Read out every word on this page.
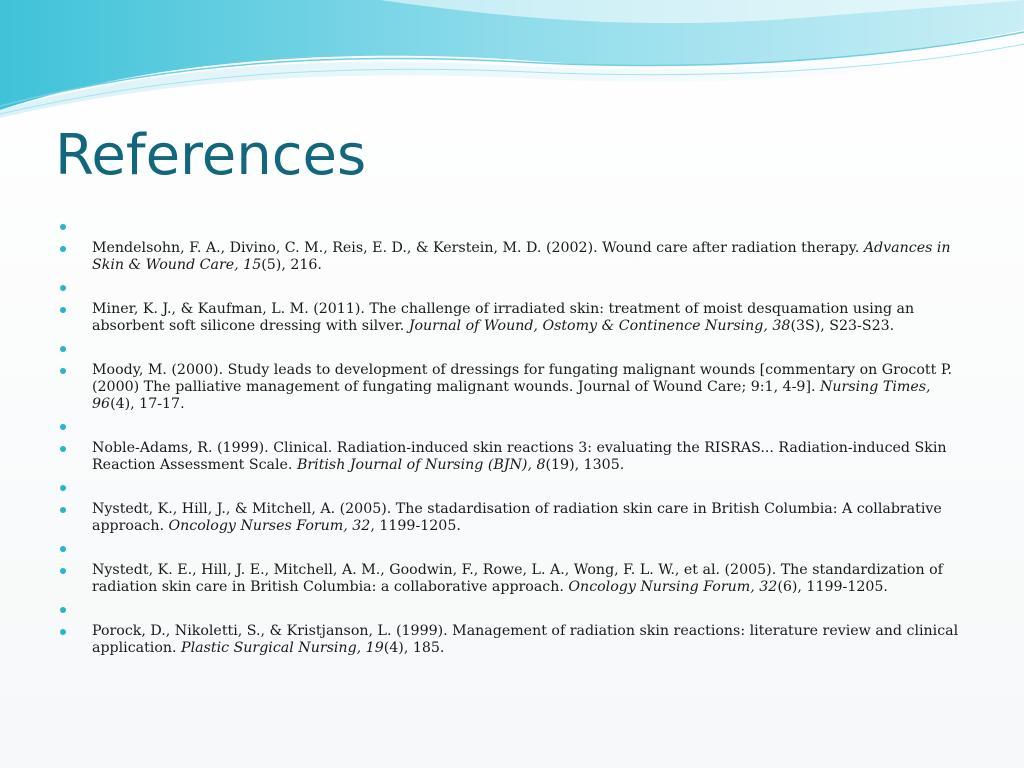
References
Mendelsohn, F. A., Divino, C. M., Reis, E. D., & Kerstein, M. D. (2002). Wound care after radiation therapy. Advances in Skin & Wound Care, 15(5), 216.
Miner, K. J., & Kaufman, L. M. (2011). The challenge of irradiated skin: treatment of moist desquamation using an absorbent soft silicone dressing with silver. Journal of Wound, Ostomy & Continence Nursing, 38(3S), S23-S23.
Moody, M. (2000). Study leads to development of dressings for fungating malignant wounds [commentary on Grocott P. (2000) The palliative management of fungating malignant wounds. Journal of Wound Care; 9:1, 4-9]. Nursing Times, 96(4), 17-17.
Noble-Adams, R. (1999). Clinical. Radiation-induced skin reactions 3: evaluating the RISRAS... Radiation-induced Skin Reaction Assessment Scale. British Journal of Nursing (BJN), 8(19), 1305.
Nystedt, K., Hill, J., & Mitchell, A. (2005). The stadardisation of radiation skin care in British Columbia: A collabrative approach. Oncology Nurses Forum, 32, 1199-1205.
Nystedt, K. E., Hill, J. E., Mitchell, A. M., Goodwin, F., Rowe, L. A., Wong, F. L. W., et al. (2005). The standardization of radiation skin care in British Columbia: a collaborative approach. Oncology Nursing Forum, 32(6), 1199-1205.
Porock, D., Nikoletti, S., & Kristjanson, L. (1999). Management of radiation skin reactions: literature review and clinical application. Plastic Surgical Nursing, 19(4), 185.
